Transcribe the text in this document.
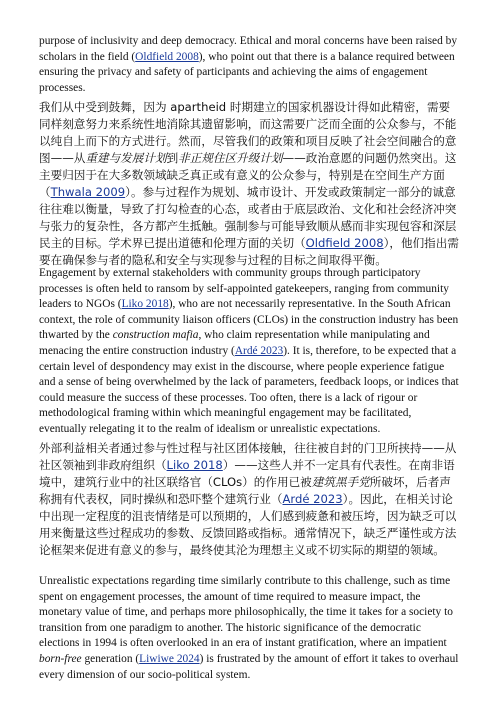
purpose of inclusivity and deep democracy. Ethical and moral concerns have been raised by scholars in the field (Oldfield 2008), who point out that there is a balance required between ensuring the privacy and safety of participants and achieving the aims of engagement processes.

我们从中受到鼓舞，因为 apartheid 时期建立的国家机器设计得如此精密，需要同样刻意努力来系统性地消除其遗留影响，而这需要广泛而全面的公众参与，不能以纯自上而下的方式进行。然而，尽管我们的政策和项目反映了社会空间融合的意图——从重建与发展计划到非正规住区升级计划——政治意愿的问题仍然突出。这主要归因于在大多数领域缺乏真正或有意义的公众参与，特别是在空间生产方面（Thwala 2009）。参与过程作为规划、城市设计、开发或政策制定一部分的诚意往往难以衡量，导致了打勾检查的心态，或者由于底层政治、文化和社会经济冲突与张力的复杂性，各方都产生抵触。强制参与可能导致顺从感而非实现包容和深层民主的目标。学术界已提出道德和伦理方面的关切（Oldfield 2008），他们指出需要在确保参与者的隐私和安全与实现参与过程的目标之间取得平衡。

Engagement by external stakeholders with community groups through participatory processes is often held to ransom by self-appointed gatekeepers, ranging from community leaders to NGOs (Liko 2018), who are not necessarily representative. In the South African context, the role of community liaison officers (CLOs) in the construction industry has been thwarted by the construction mafia, who claim representation while manipulating and menacing the entire construction industry (Ardé 2023). It is, therefore, to be expected that a certain level of despondency may exist in the discourse, where people experience fatigue and a sense of being overwhelmed by the lack of parameters, feedback loops, or indices that could measure the success of these processes. Too often, there is a lack of rigour or methodological framing within which meaningful engagement may be facilitated, eventually relegating it to the realm of idealism or unrealistic expectations.

外部利益相关者通过参与性过程与社区团体接触，往往被自封的门卫所挟持——从社区领袖到非政府组织（Liko 2018）——这些人并不一定具有代表性。在南非语境中，建筑行业中的社区联络官（CLOs）的作用已被建筑黑手党所破坏，后者声称拥有代表权，同时操纵和恐吓整个建筑行业（Ardé 2023）。因此，在相关讨论中出现一定程度的沮丧情绪是可以预期的，人们感到疲惫和被压垮，因为缺乏可以用来衡量这些过程成功的参数、反馈回路或指标。通常情况下，缺乏严谨性或方法论框架来促进有意义的参与，最终使其沦为理想主义或不切实际的期望的领域。

Unrealistic expectations regarding time similarly contribute to this challenge, such as time spent on engagement processes, the amount of time required to measure impact, the monetary value of time, and perhaps more philosophically, the time it takes for a society to transition from one paradigm to another. The historic significance of the democratic elections in 1994 is often overlooked in an era of instant gratification, where an impatient born-free generation (Liwiwe 2024) is frustrated by the amount of effort it takes to overhaul every dimension of our socio-political system.
